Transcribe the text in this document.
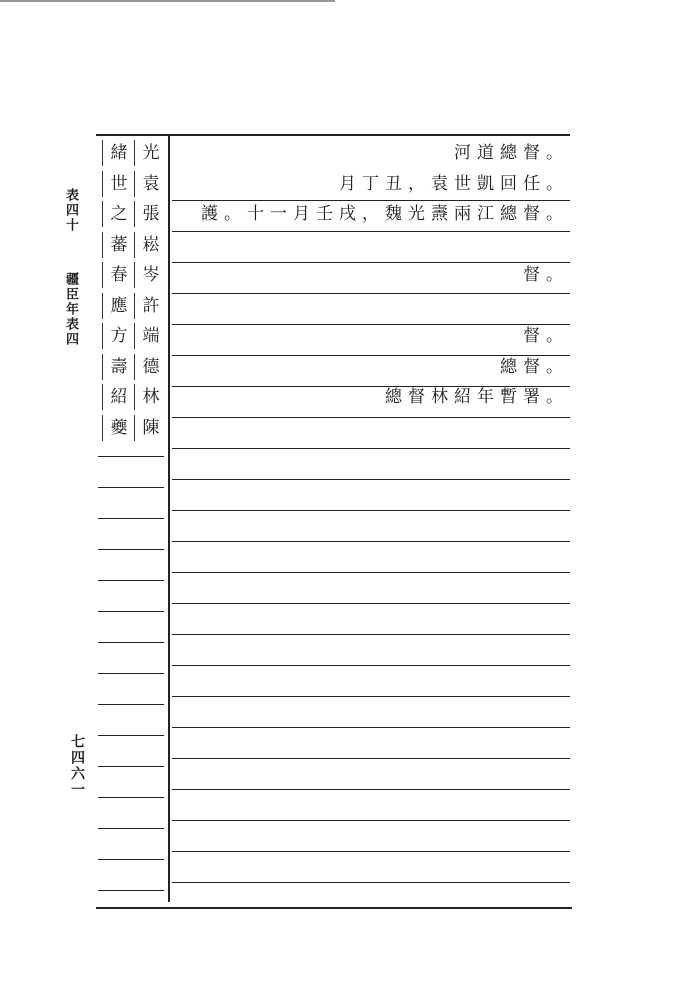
表四十
疆臣年表四
七四六一
光
緒
袁
世
張
之
崧
蕃
岑
春
許
應
端
方
德
壽
林
紹
陳
夔
河道總督。
月丁丑，袁世凱回任。
護。十一月壬戌，魏光燾兩江總督。
督。
督。
總督。
總督林紹年暫署。
